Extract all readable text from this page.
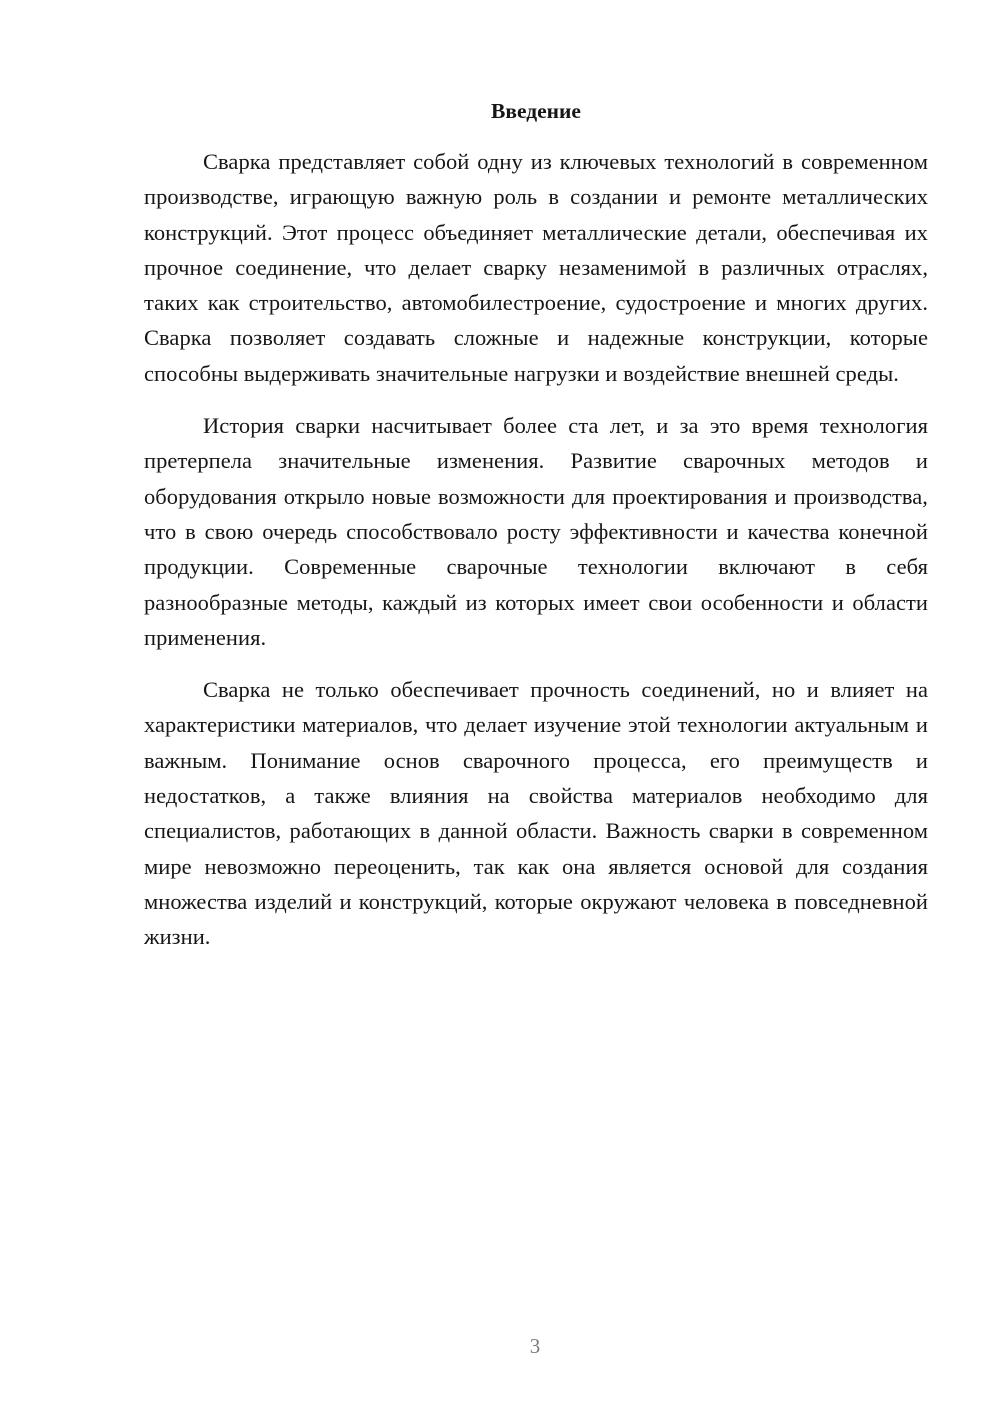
Введение

Сварка представляет собой одну из ключевых технологий в современном производстве, играющую важную роль в создании и ремонте металлических конструкций. Этот процесс объединяет металлические детали, обеспечивая их прочное соединение, что делает сварку незаменимой в различных отраслях, таких как строительство, автомобилестроение, судостроение и многих других. Сварка позволяет создавать сложные и надежные конструкции, которые способны выдерживать значительные нагрузки и воздействие внешней среды.

История сварки насчитывает более ста лет, и за это время технология претерпела значительные изменения. Развитие сварочных методов и оборудования открыло новые возможности для проектирования и производства, что в свою очередь способствовало росту эффективности и качества конечной продукции. Современные сварочные технологии включают в себя разнообразные методы, каждый из которых имеет свои особенности и области применения.

Сварка не только обеспечивает прочность соединений, но и влияет на характеристики материалов, что делает изучение этой технологии актуальным и важным. Понимание основ сварочного процесса, его преимуществ и недостатков, а также влияния на свойства материалов необходимо для специалистов, работающих в данной области. Важность сварки в современном мире невозможно переоценить, так как она является основой для создания множества изделий и конструкций, которые окружают человека в повседневной жизни.

3
